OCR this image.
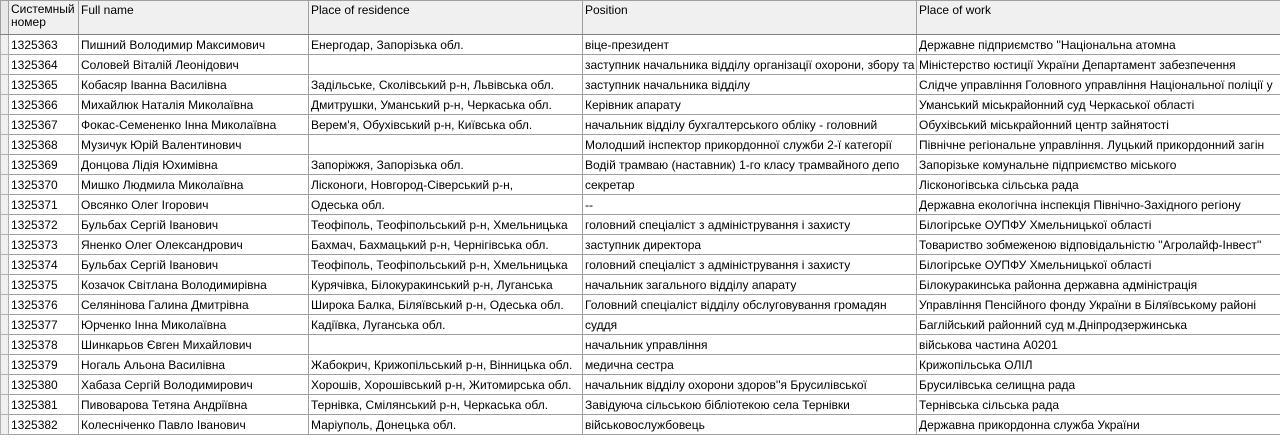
	Системный номер	Full name	Place of residence	Position	Place of work
	1325363	Пишний Володимир Максимович	Енергодар, Запорізька обл.	віце-президент	Державне підприємство ''Національна атомна
	1325364	Соловей Віталій Леонідович		заступник начальника відділу організації охорони, збору та	Міністерство юстиції України Департамент забезпечення
	1325365	Кобасяр Іванна Василівна	Задільське, Сколівський р-н, Львівська обл.	заступник начальника відділу	Слідче управління Головного управління Національної поліції у
	1325366	Михайлюк Наталія Миколаївна	Дмитрушки, Уманський р-н, Черкаська обл.	Керівник апарату	Уманський міськрайонний суд Черкаської області
	1325367	Фокас-Семененко Інна Миколаївна	Верем'я, Обухівський р-н, Київська обл.	начальник відділу бухгалтерського обліку - головний	Обухівський міськрайонний центр зайнятості
	1325368	Музичук Юрій Валентинович		Молодший інспектор прикордонної служби 2-ї категорії	Північне регіональне управління. Луцький прикордонний загін
	1325369	Донцова Лідія Юхимівна	Запоріжжя, Запорізька обл.	Водій трамваю (наставник) 1-го класу трамвайного депо	Запорізьке комунальне підприємство міського
	1325370	Мишко Людмила Миколаївна	Лісконоги, Новгород-Сіверський р-н,	секретар	Лісконогівська сільська рада
	1325371	Овсянко Олег Ігорович	Одеська обл.	--	Державна екологічна інспекція Північно-Західного регіону
	1325372	Бульбах Сергій Іванович	Теофіполь, Теофіпольський р-н, Хмельницька	головний спеціаліст з адміністрування і захисту	Білогірське ОУПФУ Хмельницької області
	1325373	Яненко Олег Олександрович	Бахмач, Бахмацький р-н, Чернігівська обл.	заступник директора	Товариство зобмеженою відповідальністю ''Агролайф-Інвест''
	1325374	Бульбах Сергій Іванович	Теофіполь, Теофіпольський р-н, Хмельницька	головний спеціаліст з адміністрування і захисту	Білогірське ОУПФУ Хмельницької області
	1325375	Козачок Світлана Володимирівна	Курячівка, Білокуракинський р-н, Луганська	начальник загального відділу апарату	Білокуракинська районна державна адміністрація
	1325376	Селянінова Галина Дмитрівна	Широка Балка, Біляївський р-н, Одеська обл.	Головний спеціаліст відділу обслуговування громадян	Управління Пенсійного фонду України в Біляївському районі
	1325377	Юрченко Інна Миколаївна	Кадіївка, Луганська обл.	суддя	Баглійський районний суд м.Дніпродзержинська
	1325378	Шинкарьов Євген Михайлович		начальник управління	військова частина А0201
	1325379	Ногаль Альона Василівна	Жабокрич, Крижопільський р-н, Вінницька обл.	медична сестра	Крижопільська ОЛІЛ
	1325380	Хабаза Сергій Володимирович	Хорошів, Хорошівський р-н, Житомирська обл.	начальник відділу охорони здоров''я Брусилівської	Брусилівська селищна рада
	1325381	Пивоварова Тетяна Андріївна	Тернівка, Смілянський р-н, Черкаська обл.	Завідуюча сільською бібліотекою села Тернівки	Тернівська сільська рада
	1325382	Колесніченко Павло Іванович	Маріуполь, Донецька обл.	військовослужбовець	Державна прикордонна служба України
